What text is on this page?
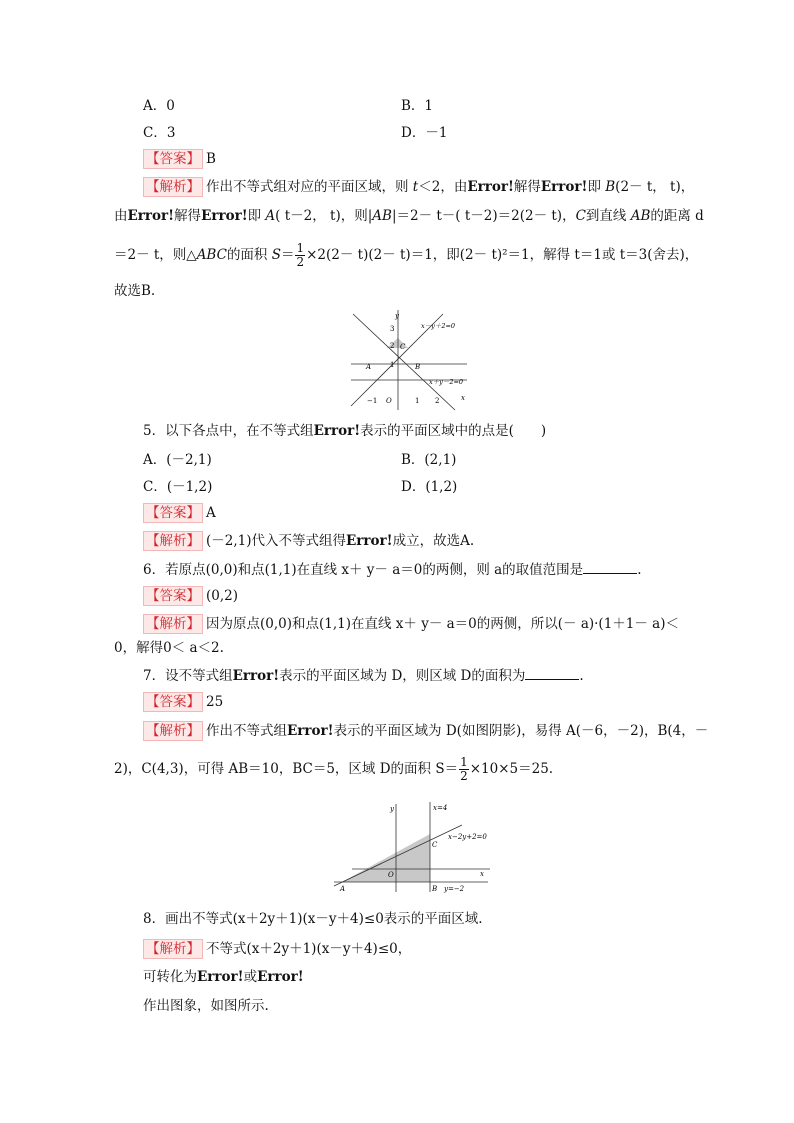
A．0	B．1
C．3	D．－1
【答案】 B
【解析】 作出不等式组对应的平面区域，则 t＜2，由Error!解得Error!即 B(2－ t， t)，
由Error!解得Error!即 A( t－2， t)，则|AB|＝2－ t－( t－2)＝2(2－ t)，C到直线 AB的距离 d
＝2－ t，则△ABC的面积 $S= \frac{1}{2} \times 2(2- t)(2- t)=1$，即(2－ t)²＝1，解得 t＝1或 t＝3(舍去)，
故选B.
y
3
2
1
x－y＋2=0
C
A	B
x＋y－2=0
−1 O	1 2	x
5．以下各点中，在不等式组Error!表示的平面区域中的点是(　　)
A．(－2,1)	B．(2,1)
C．(－1,2)	D．(1,2)
【答案】 A
【解析】 (－2,1)代入不等式组得Error!成立，故选A.
6．若原点(0,0)和点(1,1)在直线 x＋ y－ a＝0的两侧，则 a的取值范围是	.
【答案】 (0,2)
【解析】 因为原点(0,0)和点(1,1)在直线 x＋ y－ a＝0的两侧，所以(－ a)·(1＋1－ a)＜
0，解得0＜ a＜2.
7．设不等式组Error!表示的平面区域为 D，则区域 D的面积为	.
【答案】 25
【解析】 作出不等式组Error!表示的平面区域为 D(如图阴影)，易得 A(－6，－2)，B(4，－
2)，C(4,3)，可得 AB＝10，BC＝5，区域 D的面积 $S= \frac{1}{2} \times 10\times 5=25$.
y	x=4
x−2y+2=0
C
O	x
A	B y=−2
8．画出不等式(x＋2y＋1)(x－y＋4)≤0表示的平面区域.
【解析】 不等式(x＋2y＋1)(x－y＋4)≤0，
可转化为Error!或Error!
作出图象，如图所示.
